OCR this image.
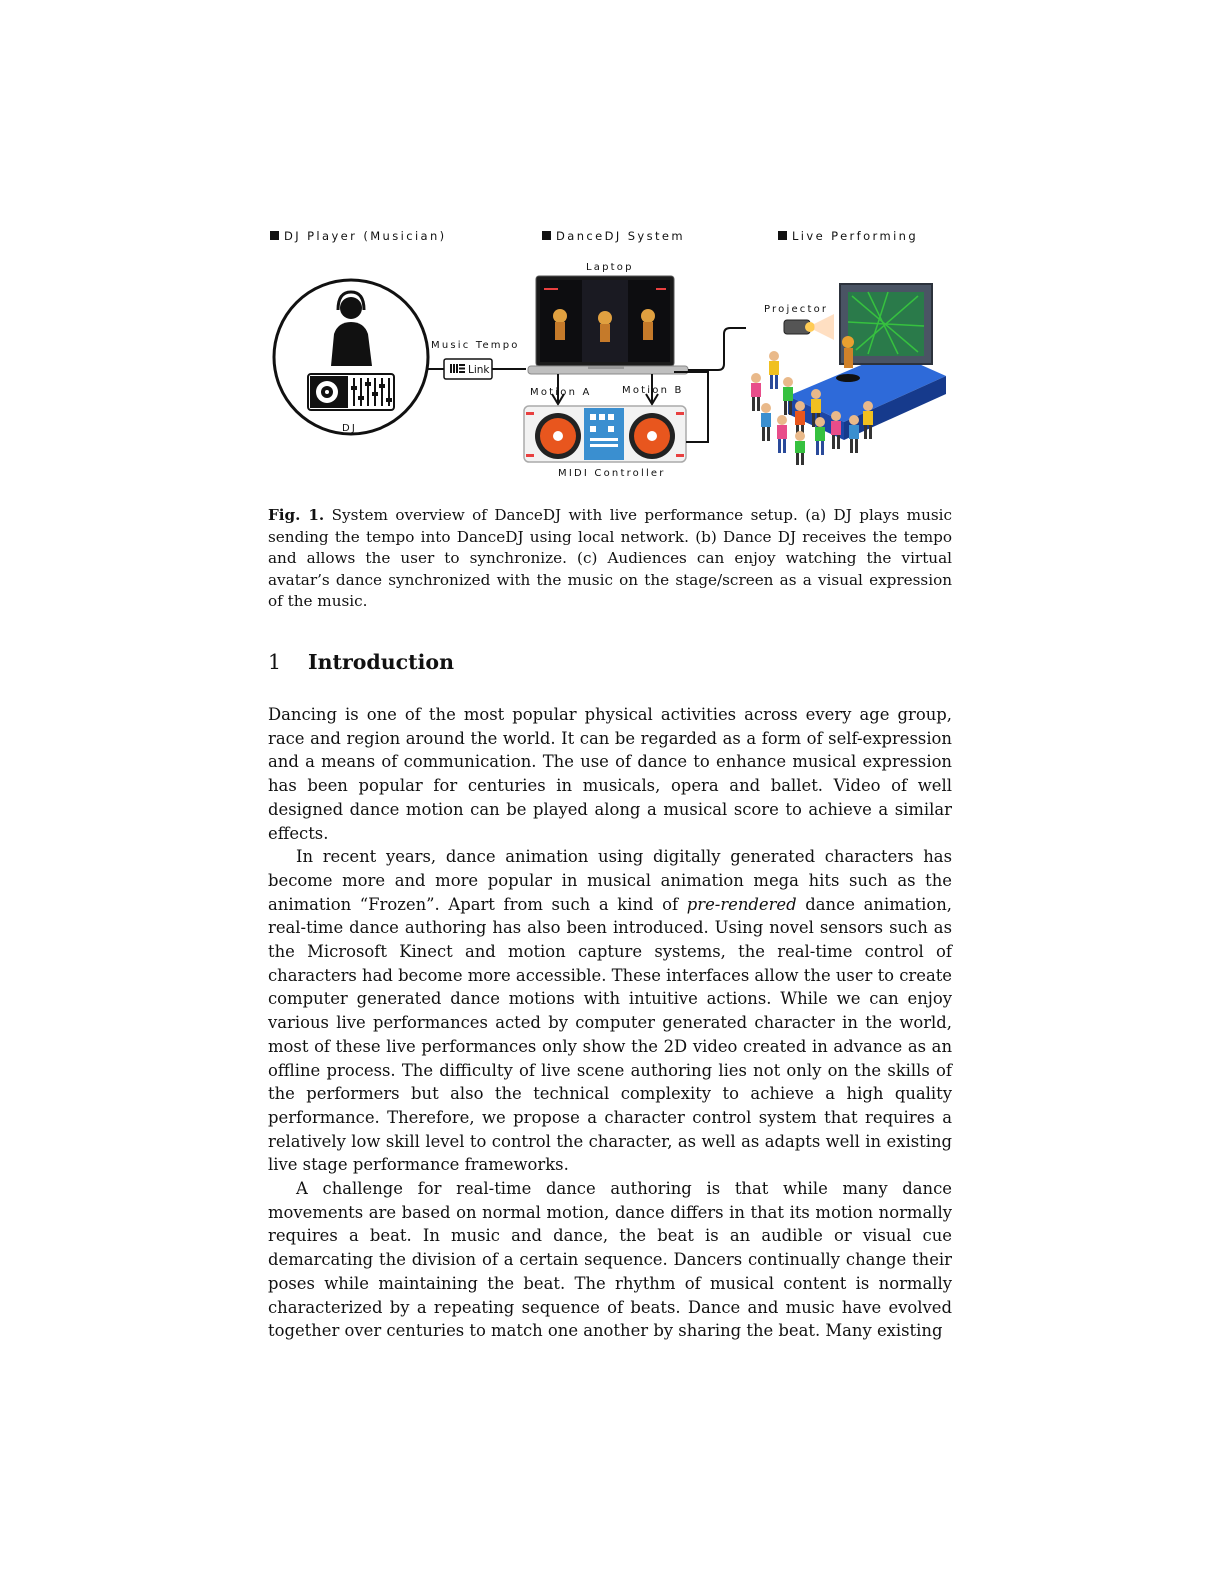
DJ Player (Musician)	DanceDJ System	Live Performing
DJ
Music Tempo
Link
Laptop
Motion A	Motion B
MIDI Controller
Projector

Fig. 1. System overview of DanceDJ with live performance setup. (a) DJ plays music sending the tempo into DanceDJ using local network. (b) Dance DJ receives the tempo and allows the user to synchronize. (c) Audiences can enjoy watching the virtual avatar’s dance synchronized with the music on the stage/screen as a visual expression of the music.

1 Introduction

Dancing is one of the most popular physical activities across every age group, race and region around the world. It can be regarded as a form of self-expression and a means of communication. The use of dance to enhance musical expression has been popular for centuries in musicals, opera and ballet. Video of well designed dance motion can be played along a musical score to achieve a similar effects.

In recent years, dance animation using digitally generated characters has become more and more popular in musical animation mega hits such as the animation “Frozen”. Apart from such a kind of pre-rendered dance animation, real-time dance authoring has also been introduced. Using novel sensors such as the Microsoft Kinect and motion capture systems, the real-time control of characters had become more accessible. These interfaces allow the user to create computer generated dance motions with intuitive actions. While we can enjoy various live performances acted by computer generated character in the world, most of these live performances only show the 2D video created in advance as an offline process. The difficulty of live scene authoring lies not only on the skills of the performers but also the technical complexity to achieve a high quality performance. Therefore, we propose a character control system that requires a relatively low skill level to control the character, as well as adapts well in existing live stage performance frameworks.

A challenge for real-time dance authoring is that while many dance movements are based on normal motion, dance differs in that its motion normally requires a beat. In music and dance, the beat is an audible or visual cue demarcating the division of a certain sequence. Dancers continually change their poses while maintaining the beat. The rhythm of musical content is normally characterized by a repeating sequence of beats. Dance and music have evolved together over centuries to match one another by sharing the beat. Many existing
